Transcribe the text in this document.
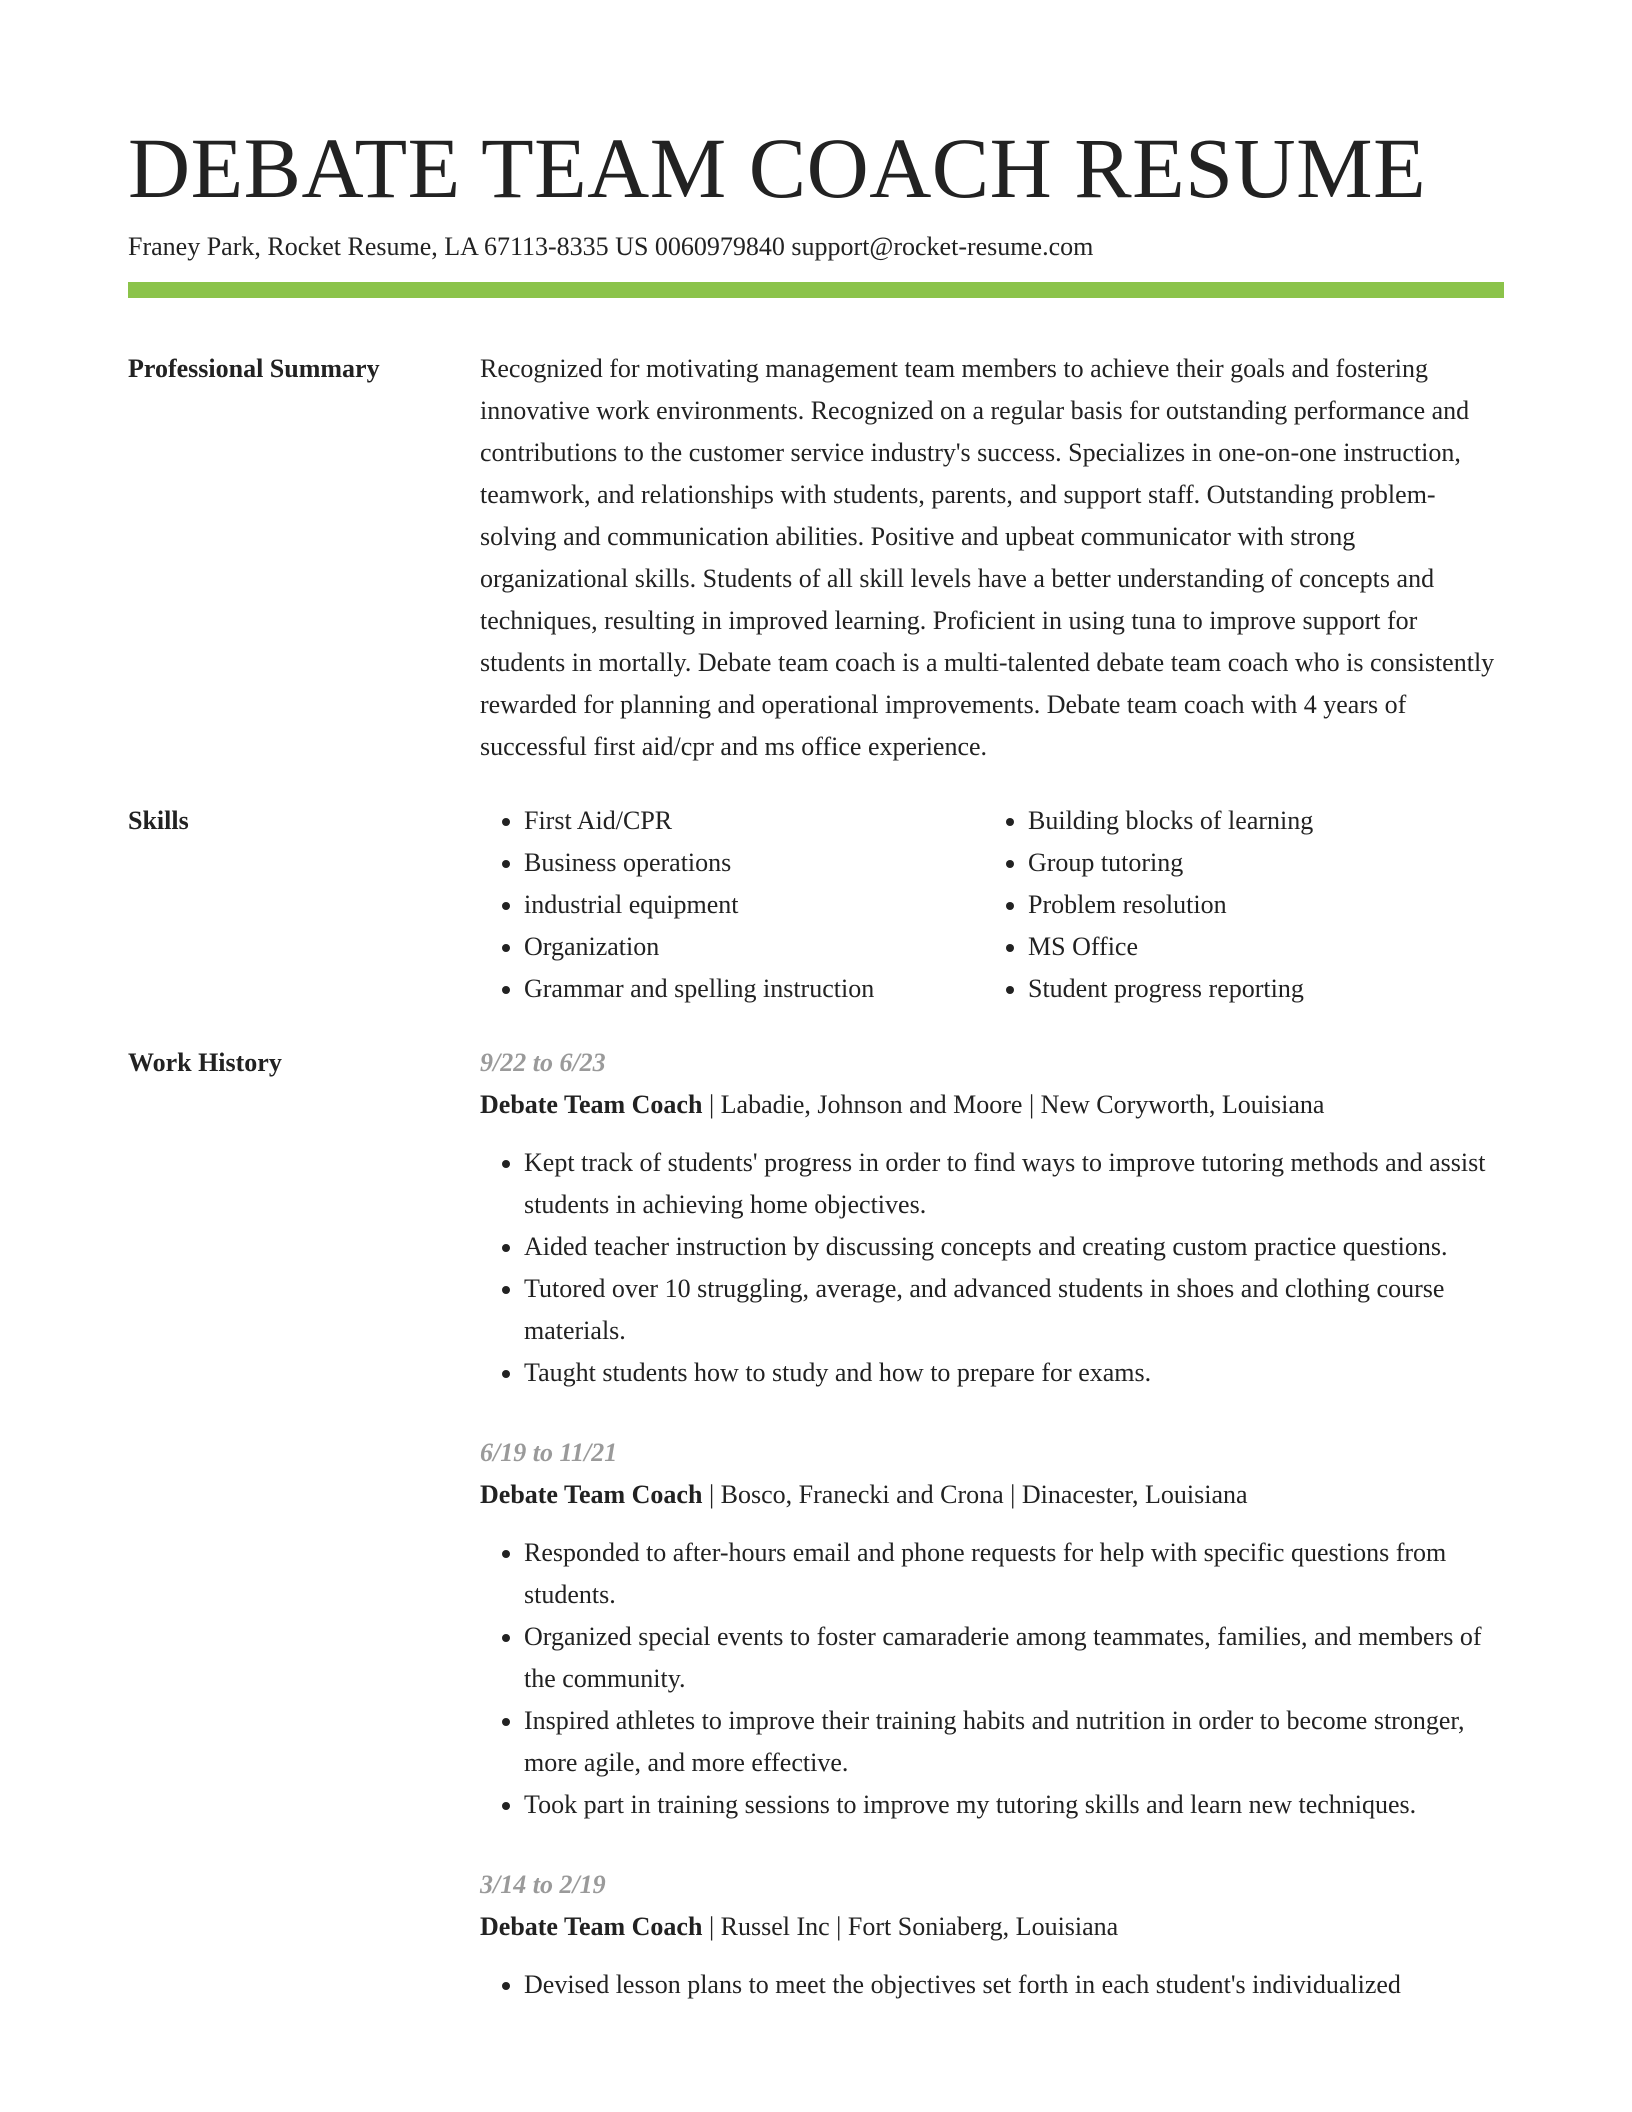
DEBATE TEAM COACH RESUME
Franey Park, Rocket Resume, LA 67113-8335 US 0060979840 support@rocket-resume.com
Professional Summary	Recognized for motivating management team members to achieve their goals and fostering innovative work environments. Recognized on a regular basis for outstanding performance and contributions to the customer service industry's success. Specializes in one-on-one instruction, teamwork, and relationships with students, parents, and support staff. Outstanding problem-solving and communication abilities. Positive and upbeat communicator with strong organizational skills. Students of all skill levels have a better understanding of concepts and techniques, resulting in improved learning. Proficient in using tuna to improve support for students in mortally. Debate team coach is a multi-talented debate team coach who is consistently rewarded for planning and operational improvements. Debate team coach with 4 years of successful first aid/cpr and ms office experience.

Skills
•	First Aid/CPR
• Business operations
• industrial equipment
• Organization
• Grammar and spelling instruction
• Building blocks of learning
• Group tutoring
• Problem resolution
• MS Office
• Student progress reporting
Work History	9/22 to 6/23
Debate Team Coach | Labadie, Johnson and Moore | New Coryworth, Louisiana
• Kept track of students' progress in order to find ways to improve tutoring methods and assist students in achieving home objectives.
• Aided teacher instruction by discussing concepts and creating custom practice questions.
• Tutored over 10 struggling, average, and advanced students in shoes and clothing course materials.
• Taught students how to study and how to prepare for exams.
6/19 to 11/21
Debate Team Coach | Bosco, Franecki and Crona | Dinacester, Louisiana
• Responded to after-hours email and phone requests for help with specific questions from students.
• Organized special events to foster camaraderie among teammates, families, and members of the community.
• Inspired athletes to improve their training habits and nutrition in order to become stronger, more agile, and more effective.
• Took part in training sessions to improve my tutoring skills and learn new techniques.
3/14 to 2/19
Debate Team Coach | Russel Inc | Fort Soniaberg, Louisiana
• Devised lesson plans to meet the objectives set forth in each student's individualized
